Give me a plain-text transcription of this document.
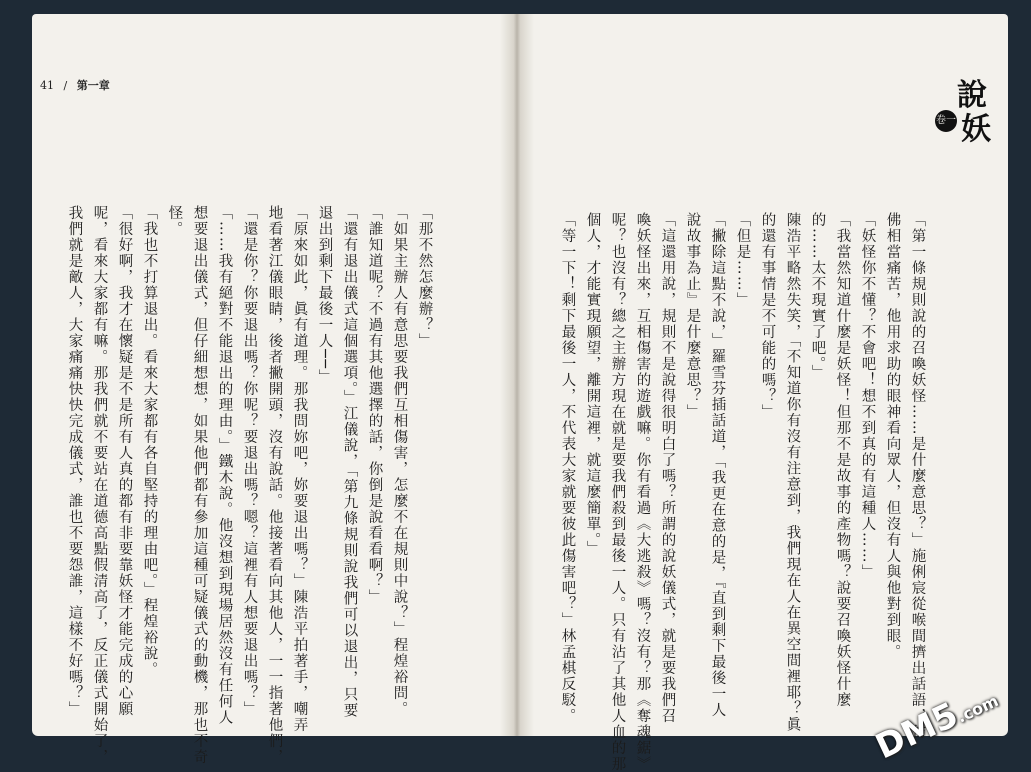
41 / 第一章	說
妖
卷一
「第一條規則說的召喚妖怪……是什麼意思？」施俐宸從喉間擠出話語，彷
佛相當痛苦，他用求助的眼神看向眾人，但沒有人與他對到眼。
「妖怪你不懂？不會吧！想不到真的有這種人……」
「我當然知道什麼是妖怪！但那不是故事的產物嗎？說要召喚妖怪什麼
的……太不現實了吧。」
陳浩平略然失笑，「不知道你有沒有注意到，我們現在人在異空間裡耶？眞
的還有事情是不可能的嗎？」
「但是……」
「撇除這點不說，」羅雪芬插話道，「我更在意的是，『直到剩下最後一人
說故事為止』是什麼意思？」
「這還用說，規則不是說得很明白了嗎？所謂的說妖儀式，就是要我們召
喚妖怪出來，互相傷害的遊戲嘛。你有看過《大逃殺》嗎？沒有？那《奪魂鋸》
呢？也沒有？總之主辦方現在就是要我們殺到最後一人。只有沾了其他人血的那
個人，才能實現願望，離開這裡，就這麼簡單。」
「等一下！剩下最後一人，不代表大家就要彼此傷害吧？」林孟棋反駁。
「那不然怎麼辦？」
「如果主辦人有意思要我們互相傷害，怎麼不在規則中說？」程煌裕問。
「誰知道呢？不過有其他選擇的話，你倒是說看看啊？」
「還有退出儀式這個選項。」江儀說，「第九條規則說我們可以退出，只要
退出到剩下最後一人──」
「原來如此，眞有道理。那我問妳吧，妳要退出嗎？」陳浩平拍著手，嘲弄
地看著江儀眼睛，後者撇開頭，沒有說話。他接著看向其他人，一一指著他們，
「還是你？你要退出嗎？你呢？要退出嗎？嗯？這裡有人想要退出嗎？」
「……我有絕對不能退出的理由。」鐵木說。他沒想到現場居然沒有任何人
想要退出儀式，但仔細想想，如果他們都有參加這種可疑儀式的動機，那也不奇
怪。
「我也不打算退出。看來大家都有各自堅持的理由吧。」程煌裕說。
「很好啊，我才在懷疑是不是所有人真的都有非要靠妖怪才能完成的心願
呢，看來大家都有嘛。那我們就不要站在道德高點假清高了，反正儀式開始了，
我們就是敵人，大家痛痛快快完成儀式，誰也不要怨誰，這樣不好嗎？」
DM5.com
